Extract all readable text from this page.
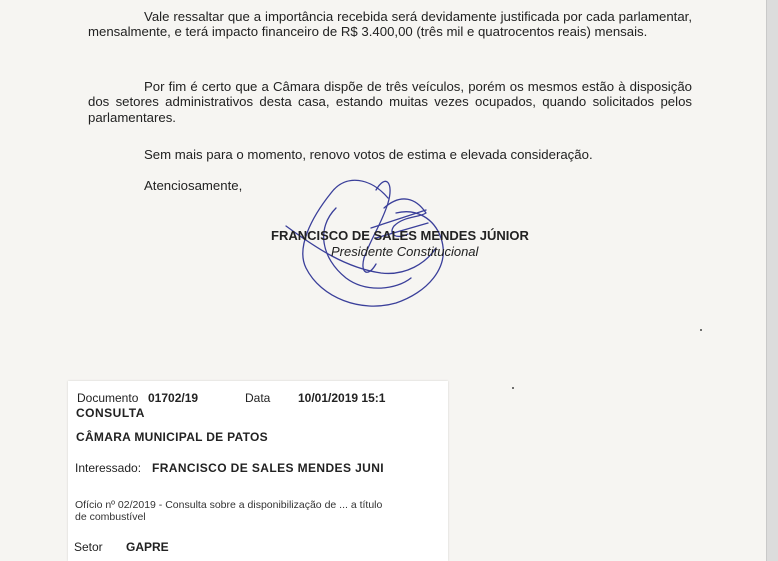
Vale ressaltar que a importância recebida será devidamente justificada por cada parlamentar, mensalmente, e terá impacto financeiro de R$ 3.400,00 (três mil e quatrocentos reais) mensais.

Por fim é certo que a Câmara dispõe de três veículos, porém os mesmos estão à disposição dos setores administrativos desta casa, estando muitas vezes ocupados, quando solicitados pelos parlamentares.

Sem mais para o momento, renovo votos de estima e elevada consideração.

Atenciosamente,

FRANCISCO DE SALES MENDES JÚNIOR
Presidente Constitucional
Documento 01702/19	Data 10/01/2019 15:1
CONSULTA
CÂMARA MUNICIPAL DE PATOS
Interessado: FRANCISCO DE SALES MENDES JUNI
Ofício nº 02/2019 - Consulta sobre a disponibilização de ... a título de combustível
Setor GAPRE
